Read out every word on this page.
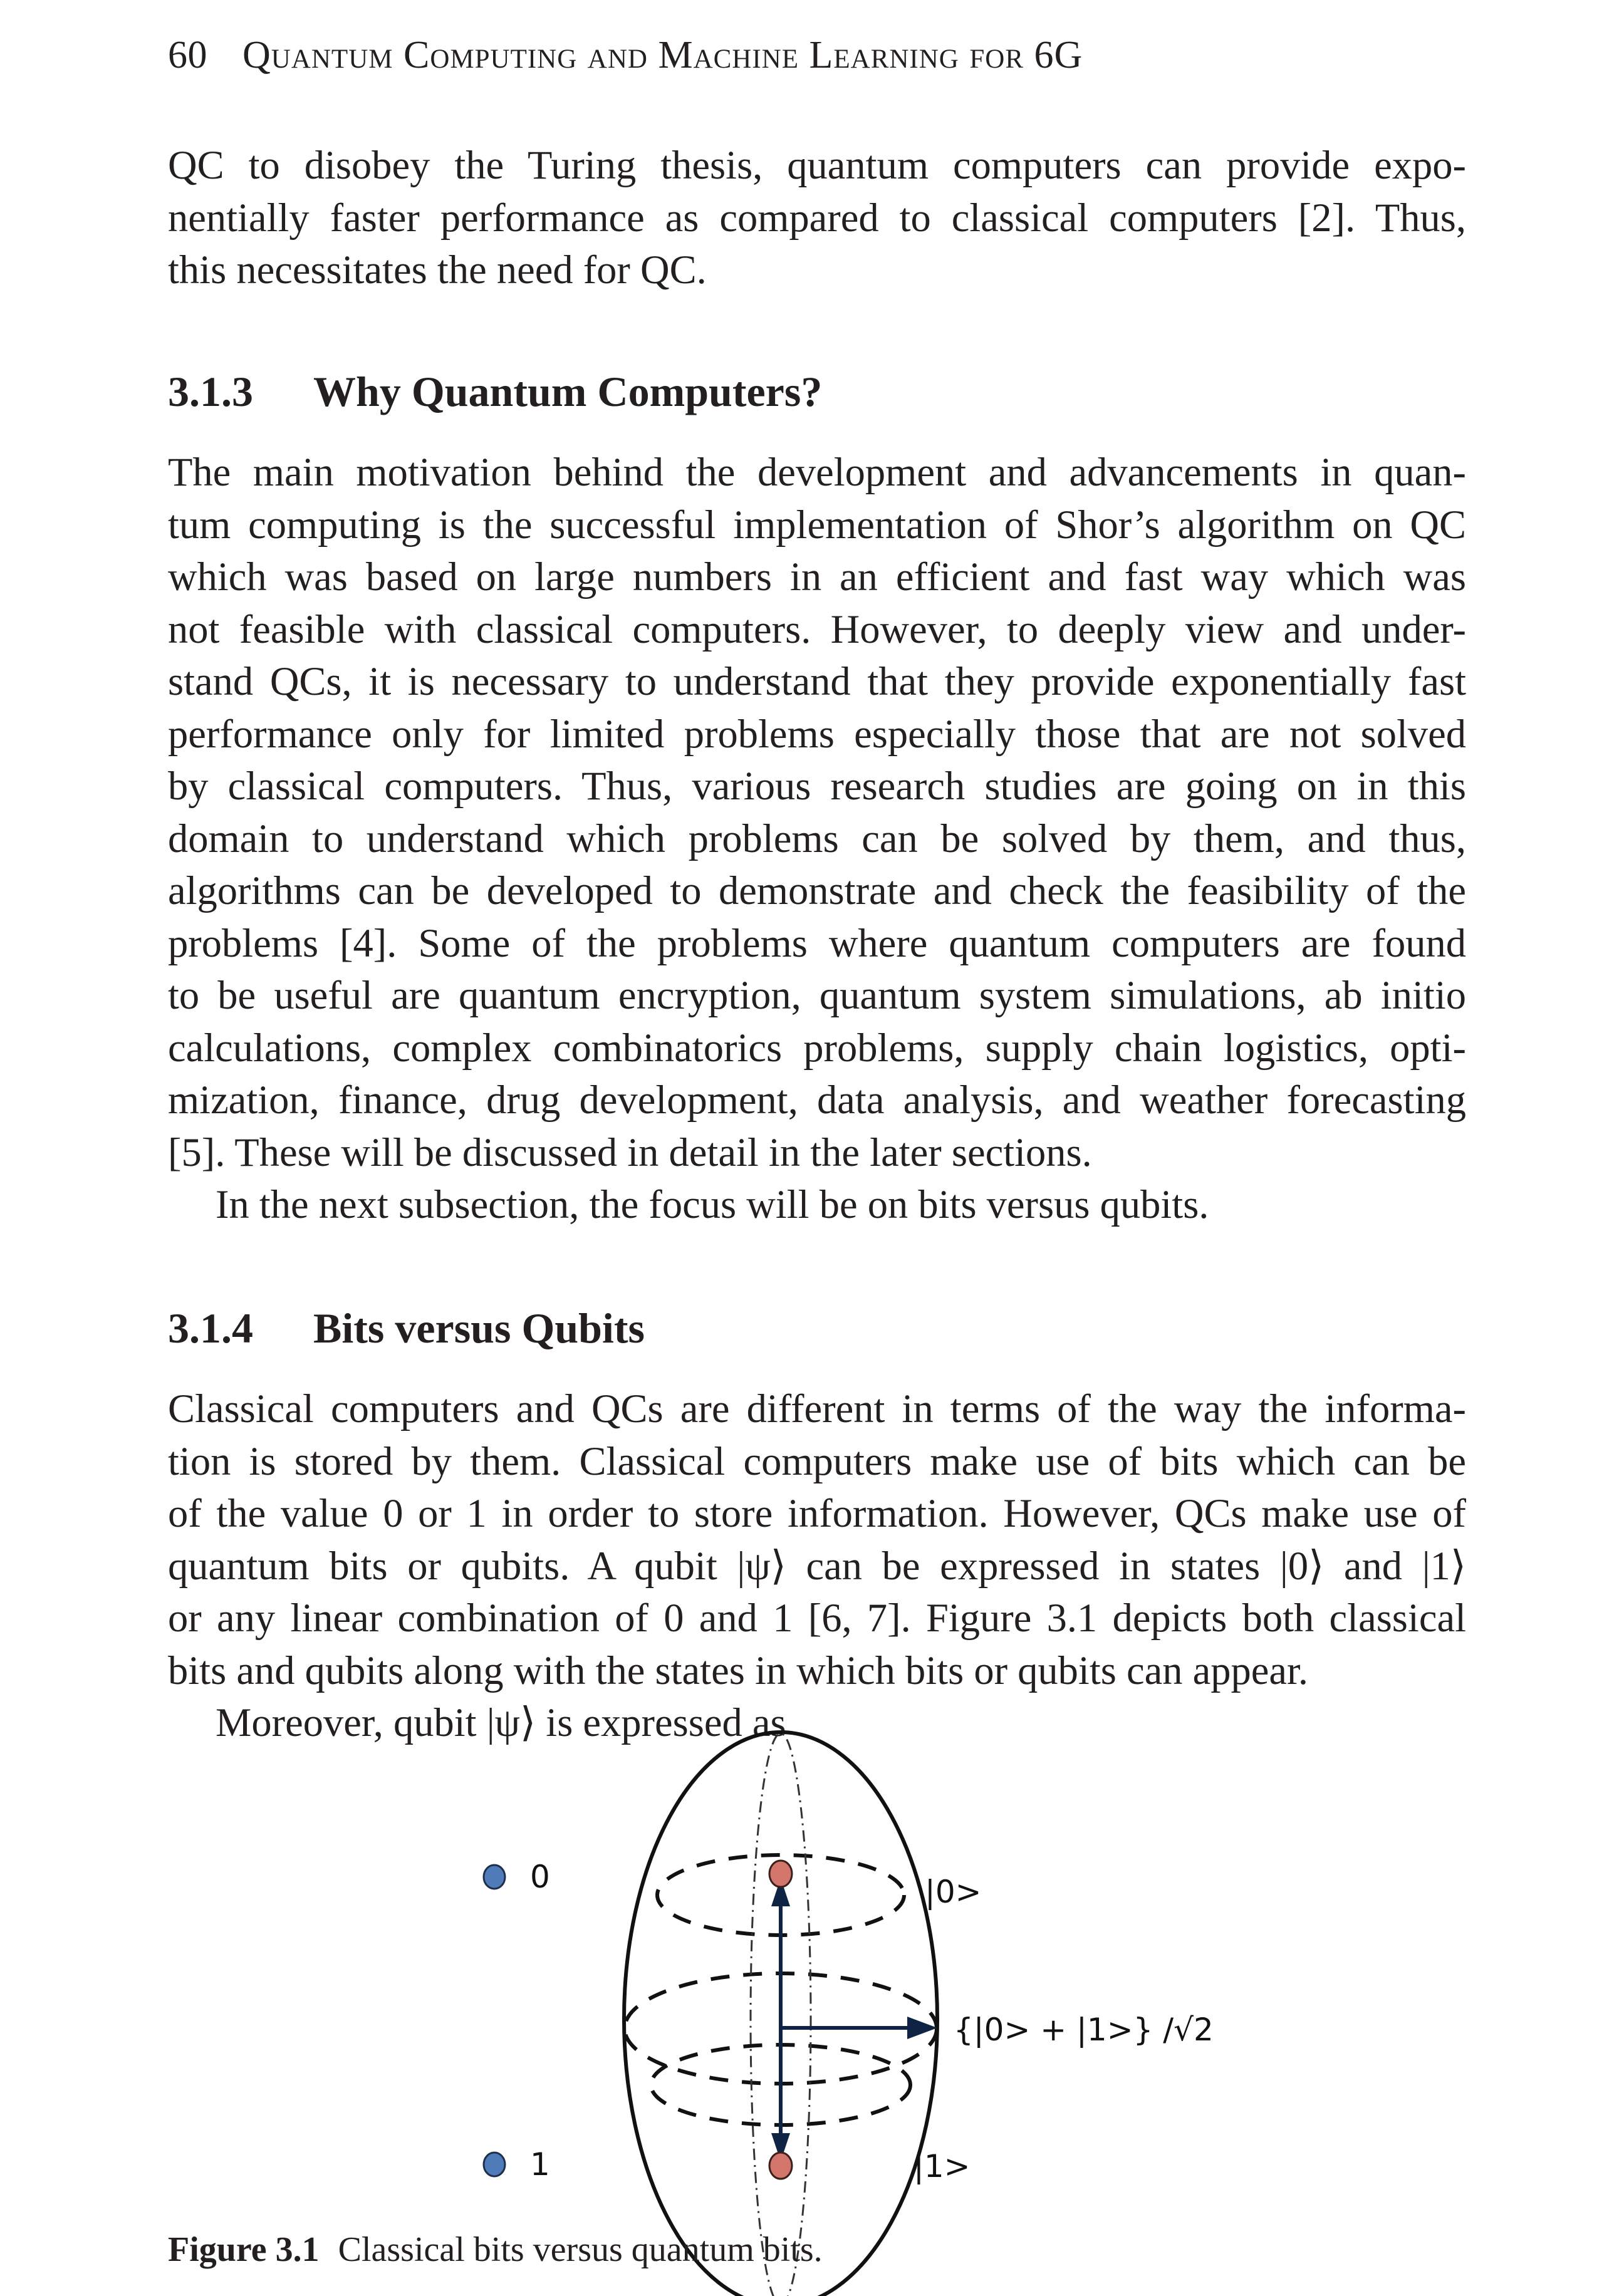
60 Quantum Computing and Machine Learning for 6G
QC to disobey the Turing thesis, quantum computers can provide expo-
nentially faster performance as compared to classical computers [2]. Thus,
this necessitates the need for QC.
3.1.3 Why Quantum Computers?
The main motivation behind the development and advancements in quan-
tum computing is the successful implementation of Shor’s algorithm on QC
which was based on large numbers in an efficient and fast way which was
not feasible with classical computers. However, to deeply view and under-
stand QCs, it is necessary to understand that they provide exponentially fast
performance only for limited problems especially those that are not solved
by classical computers. Thus, various research studies are going on in this
domain to understand which problems can be solved by them, and thus,
algorithms can be developed to demonstrate and check the feasibility of the
problems [4]. Some of the problems where quantum computers are found
to be useful are quantum encryption, quantum system simulations, ab initio
calculations, complex combinatorics problems, supply chain logistics, opti-
mization, finance, drug development, data analysis, and weather forecasting
[5]. These will be discussed in detail in the later sections.
In the next subsection, the focus will be on bits versus qubits.
3.1.4 Bits versus Qubits
Classical computers and QCs are different in terms of the way the informa-
tion is stored by them. Classical computers make use of bits which can be
of the value 0 or 1 in order to store information. However, QCs make use of
quantum bits or qubits. A qubit |ψ⟩ can be expressed in states |0⟩ and |1⟩
or any linear combination of 0 and 1 [6, 7]. Figure 3.1 depicts both classical
bits and qubits along with the states in which bits or qubits can appear.
Moreover, qubit |ψ⟩ is expressed as
0
1
|0>
|1>
{|0> + |1>} /√2
Figure 3.1 Classical bits versus quantum bits.
